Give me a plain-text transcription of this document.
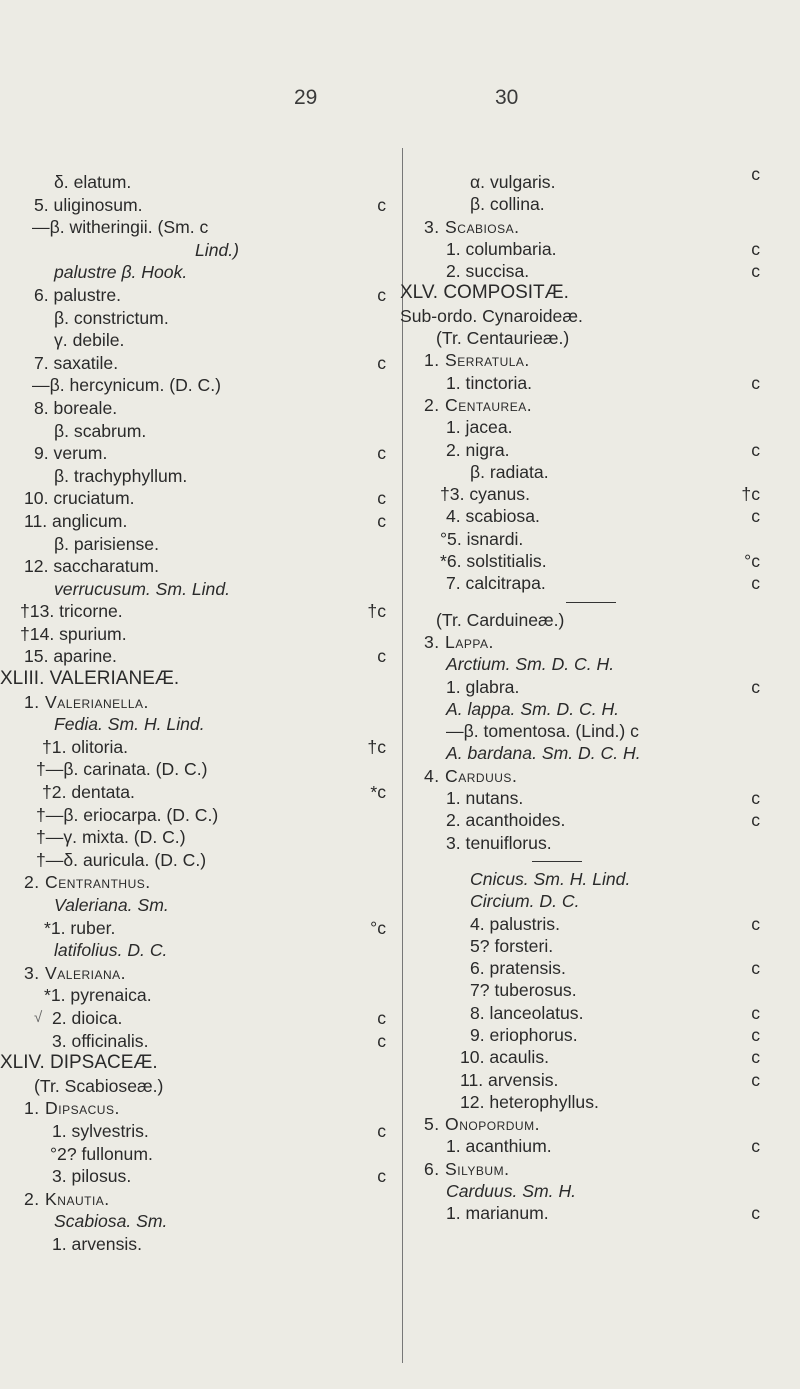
29	30
δ. elatum.
5. uliginosum.	c
—β. witheringii. (Sm. c
Lind.)
palustre β. Hook.
6. palustre.	c
β. constrictum.
γ. debile.
7. saxatile.	c
—β. hercynicum. (D. C.)
8. boreale.
β. scabrum.
9. verum.	c
β. trachyphyllum.
10. cruciatum.	c
11. anglicum.	c
β. parisiense.
12. saccharatum.
verrucusum. Sm. Lind.
†13. tricorne.	†c
†14. spurium.
15. aparine.	c
XLIII. VALERIANEÆ.
1. Valerianella.
Fedia. Sm. H. Lind.
†1. olitoria.	†c
†—β. carinata. (D. C.)
†2. dentata.	*c
†—β. eriocarpa. (D. C.)
†—γ. mixta. (D. C.)
†—δ. auricula. (D. C.)
2. Centranthus.
Valeriana. Sm.
*1. ruber.	°c
latifolius. D. C.
3. Valeriana.
*1. pyrenaica.
√ 2. dioica.	c
3. officinalis.	c
XLIV. DIPSACEÆ.
(Tr. Scabioseæ.)
1. Dipsacus.
1. sylvestris.	c
°2? fullonum.
3. pilosus.	c
2. Knautia.
Scabiosa. Sm.
1. arvensis.
α. vulgaris.	c
β. collina.
3. Scabiosa.
1. columbaria.	c
2. succisa.	c
XLV. COMPOSITÆ.
Sub-ordo. Cynaroideæ.
(Tr. Centaurieæ.)
1. Serratula.
1. tinctoria.	c
2. Centaurea.
1. jacea.
2. nigra.	c
β. radiata.
†3. cyanus.	†c
4. scabiosa.	c
°5. isnardi.
*6. solstitialis.	°c
7. calcitrapa.	c
(Tr. Carduineæ.)
3. Lappa.
Arctium. Sm. D. C. H.
1. glabra.	c
A. lappa. Sm. D. C. H.
—β. tomentosa. (Lind.) c
A. bardana. Sm. D. C. H.
4. Carduus.
1. nutans.	c
2. acanthoides.	c
3. tenuiflorus.
Cnicus. Sm. H. Lind.
Circium. D. C.
4. palustris.	c
5? forsteri.
6. pratensis.	c
7? tuberosus.
8. lanceolatus.	c
9. eriophorus.	c
10. acaulis.	c
11. arvensis.	c
12. heterophyllus.
5. Onopordum.
1. acanthium.	c
6. Silybum.
Carduus. Sm. H.
1. marianum.	c
